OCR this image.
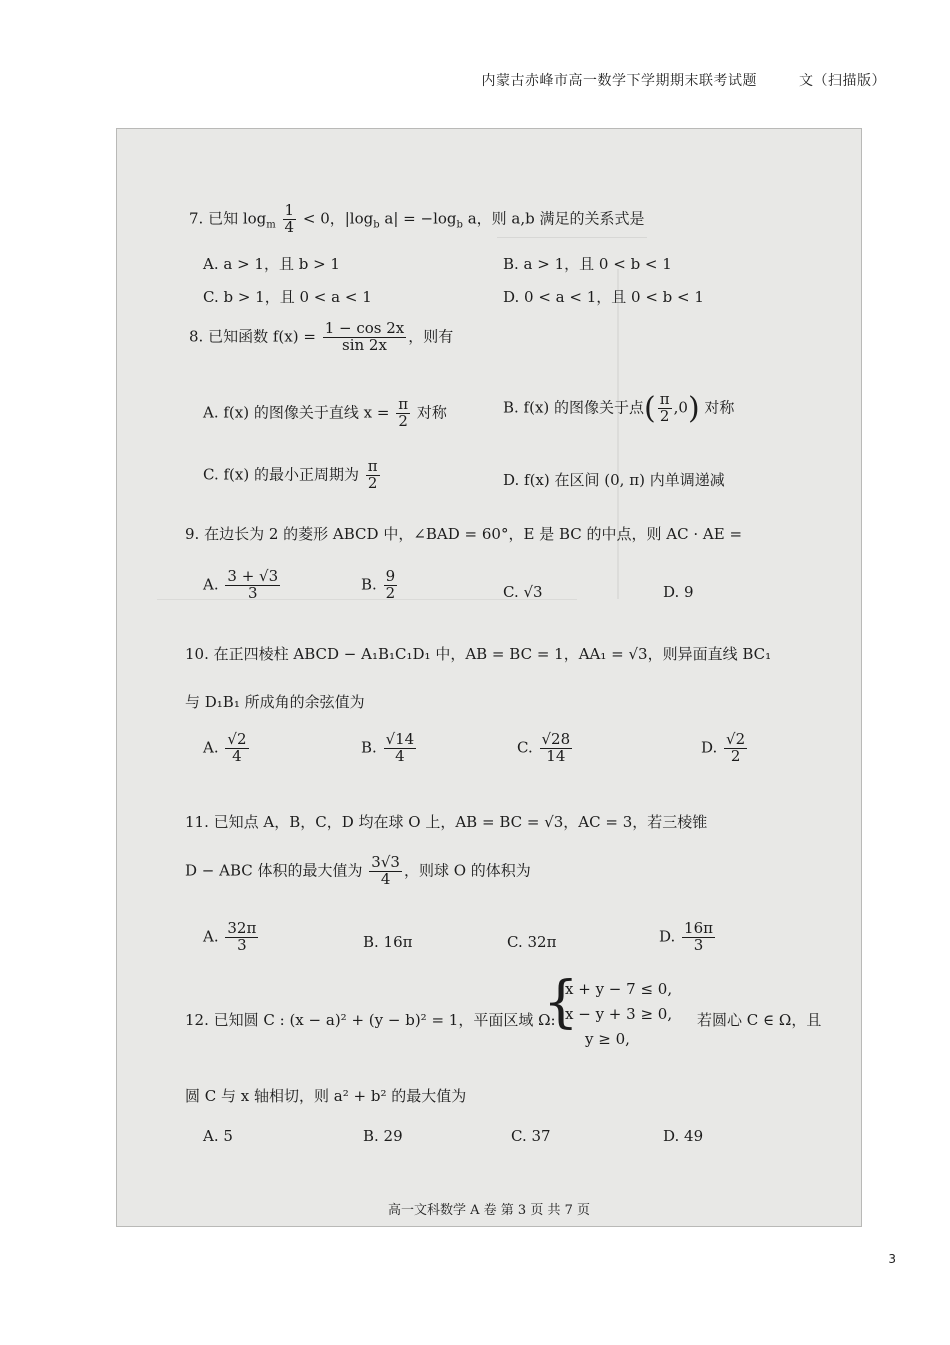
内蒙古赤峰市高一数学下学期期末联考试题	文（扫描版）
7. 已知 $\log_m \frac{1}{4} < 0$，$|\log_b$ $a| = -\log_b$ a，则 a,b 满足的关系式是
A. a > 1，且 b > 1	B. a > 1，且 0 < b < 1
C. b > 1，且 0 < a < 1	D. 0 < a < 1，且 0 < b < 1
8. 已知函数 $f(x) = \frac{1 - \cos 2x}{\sin 2x}$ ，则有
A. f(x) 的图像关于直线 $x = \frac{\pi}{2}$ 对称	B. f(x) 的图像关于点( $\frac{\pi}{2} ,0$) 对称
C. f(x) 的最小正周期为 $\frac{\pi}{2}$	D. f(x) 在区间 (0, π) 内单调递减
9. 在边长为 2 的菱形 ABCD 中，∠BAD = 60°，E 是 BC 的中点，则 AC · AE =
A. $\frac{3 + √3}{3}$	B. $\frac{9}{2}$	C. √3	D. 9
10. 在正四棱柱 ABCD − A₁B₁C₁D₁ 中，AB = BC = 1，AA₁ = √3，则异面直线 BC₁
与 D₁B₁ 所成角的余弦值为
A. $\frac{√2}{4}$	B. $\frac{√14}{4}$	C. $\frac{√28}{14}$	D. $\frac{√2}{2}$
11. 已知点 A，B，C，D 均在球 O 上，AB = BC = √3，AC = 3，若三棱锥
D − ABC 体积的最大值为 $\frac{3√3}{4}$ ，则球 O 的体积为
A. $\frac{32\pi}{3}$	B. 16π	C. 32π	D. $\frac{16\pi}{3}$
12. 已知圆 C : (x − a)² + (y − b)² = 1，平面区域 Ω:
{
x + y − 7 ≤ 0,
x − y + 3 ≥ 0,
y ≥ 0,
若圆心 C ∈ Ω，且
圆 C 与 x 轴相切，则 a² + b² 的最大值为
A. 5	B. 29	C. 37	D. 49
高一文科数学 A 卷 第 3 页 共 7 页
3
